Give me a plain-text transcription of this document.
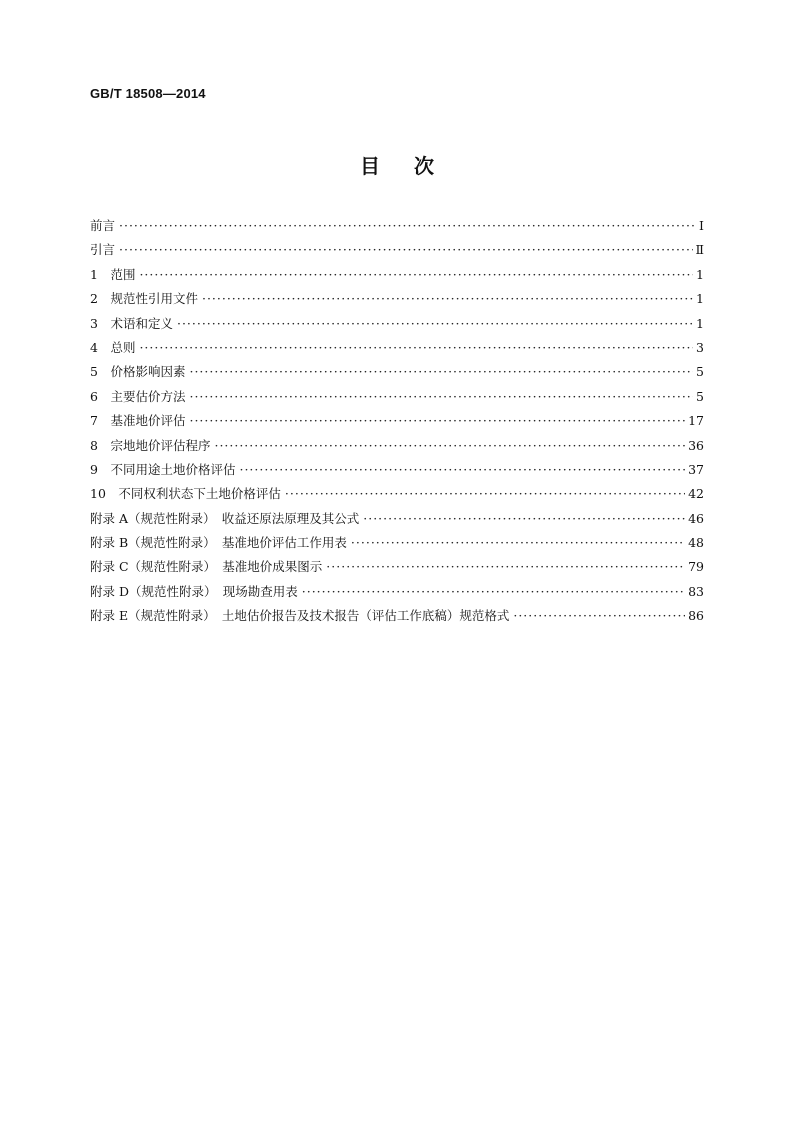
GB/T 18508—2014
目次
前言 ·····	Ⅰ
引言 ·····	Ⅱ
1　范围 ·····	1
2　规范性引用文件 ·····	1
3　术语和定义 ·····	1
4　总则 ·····	3
5　价格影响因素 ·····	5
6　主要估价方法 ·····	5
7　基准地价评估 ·····	17
8　宗地地价评估程序 ·····	36
9　不同用途土地价格评估 ·····	37
10　不同权利状态下土地价格评估 ·····	42
附录 A（规范性附录）　收益还原法原理及其公式 ·····	46
附录 B（规范性附录）　基准地价评估工作用表 ·····	48
附录 C（规范性附录）　基准地价成果图示 ·····	79
附录 D（规范性附录）　现场勘查用表 ·····	83
附录 E（规范性附录）　土地估价报告及技术报告（评估工作底稿）规范格式 ·····	86
